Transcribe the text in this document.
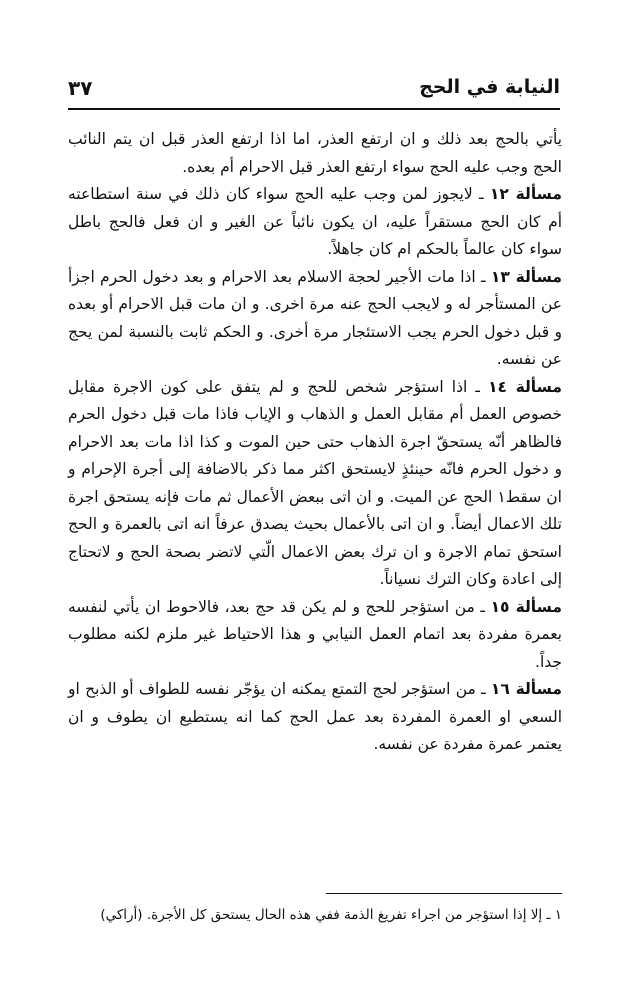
النيابة في الحج
٣٧

يأتي بالحج بعد ذلك و ان ارتفع العذر، اما اذا ارتفع العذر قبل ان يتم النائب الحج وجب عليه الحج سواء ارتفع العذر قبل الاحرام أم بعده.

مسألة ١٢ ـ لايجوز لمن وجب عليه الحج سواء كان ذلك في سنة استطاعته أم كان الحج مستقراً عليه، ان يكون نائباً عن الغير و ان فعل فالحج باطل سواء كان عالماً بالحكم ام كان جاهلاً.

مسألة ١٣ ـ اذا مات الأجير لحجة الاسلام بعد الاحرام و بعد دخول الحرم اجزأ عن المستأجر له و لايجب الحج عنه مرة اخرى. و ان مات قبل الاحرام أو بعده و قبل دخول الحرم يجب الاستئجار مرة أخرى. و الحكم ثابت بالنسبة لمن يحج عن نفسه.

مسألة ١٤ ـ اذا استؤجر شخص للحج و لم يتفق على كون الاجرة مقابل خصوص العمل أم مقابل العمل و الذهاب و الإياب فاذا مات قبل دخول الحرم فالظاهر أنّه يستحقّ اجرة الذهاب حتى حين الموت و كذا اذا مات بعد الاحرام و دخول الحرم فانّه حينئذٍ لايستحق اكثر مما ذكر بالاضافة إلى أجرة الإحرام و ان سقط١ الحج عن الميت. و ان اتى ببعض الأعمال ثم مات فإنه يستحق اجرة تلك الاعمال أيضاً. و ان اتى بالأعمال بحيث يصدق عرفاً انه اتى بالعمرة و الحج استحق تمام الاجرة و ان ترك بعض الاعمال الّتي لاتضر بصحة الحج و لاتحتاج إلى اعادة وكان الترك نسياناً.

مسألة ١٥ ـ من استؤجر للحج و لم يكن قد حج بعد، فالاحوط ان يأتي لنفسه بعمرة مفردة بعد اتمام العمل النيابي و هذا الاحتياط غير ملزم لكنه مطلوب جداً.

مسألة ١٦ ـ من استؤجر لحج التمتع يمكنه ان يؤجّر نفسه للطواف أو الذبح او السعي او العمرة المفردة بعد عمل الحج كما انه يستطيع ان يطوف و ان يعتمر عمرة مفردة عن نفسه.

١ ـ إلا إذا استؤجر من اجراء تفريغ الذمة ففي هذه الحال يستحق كل الأجرة. (أراكي)
